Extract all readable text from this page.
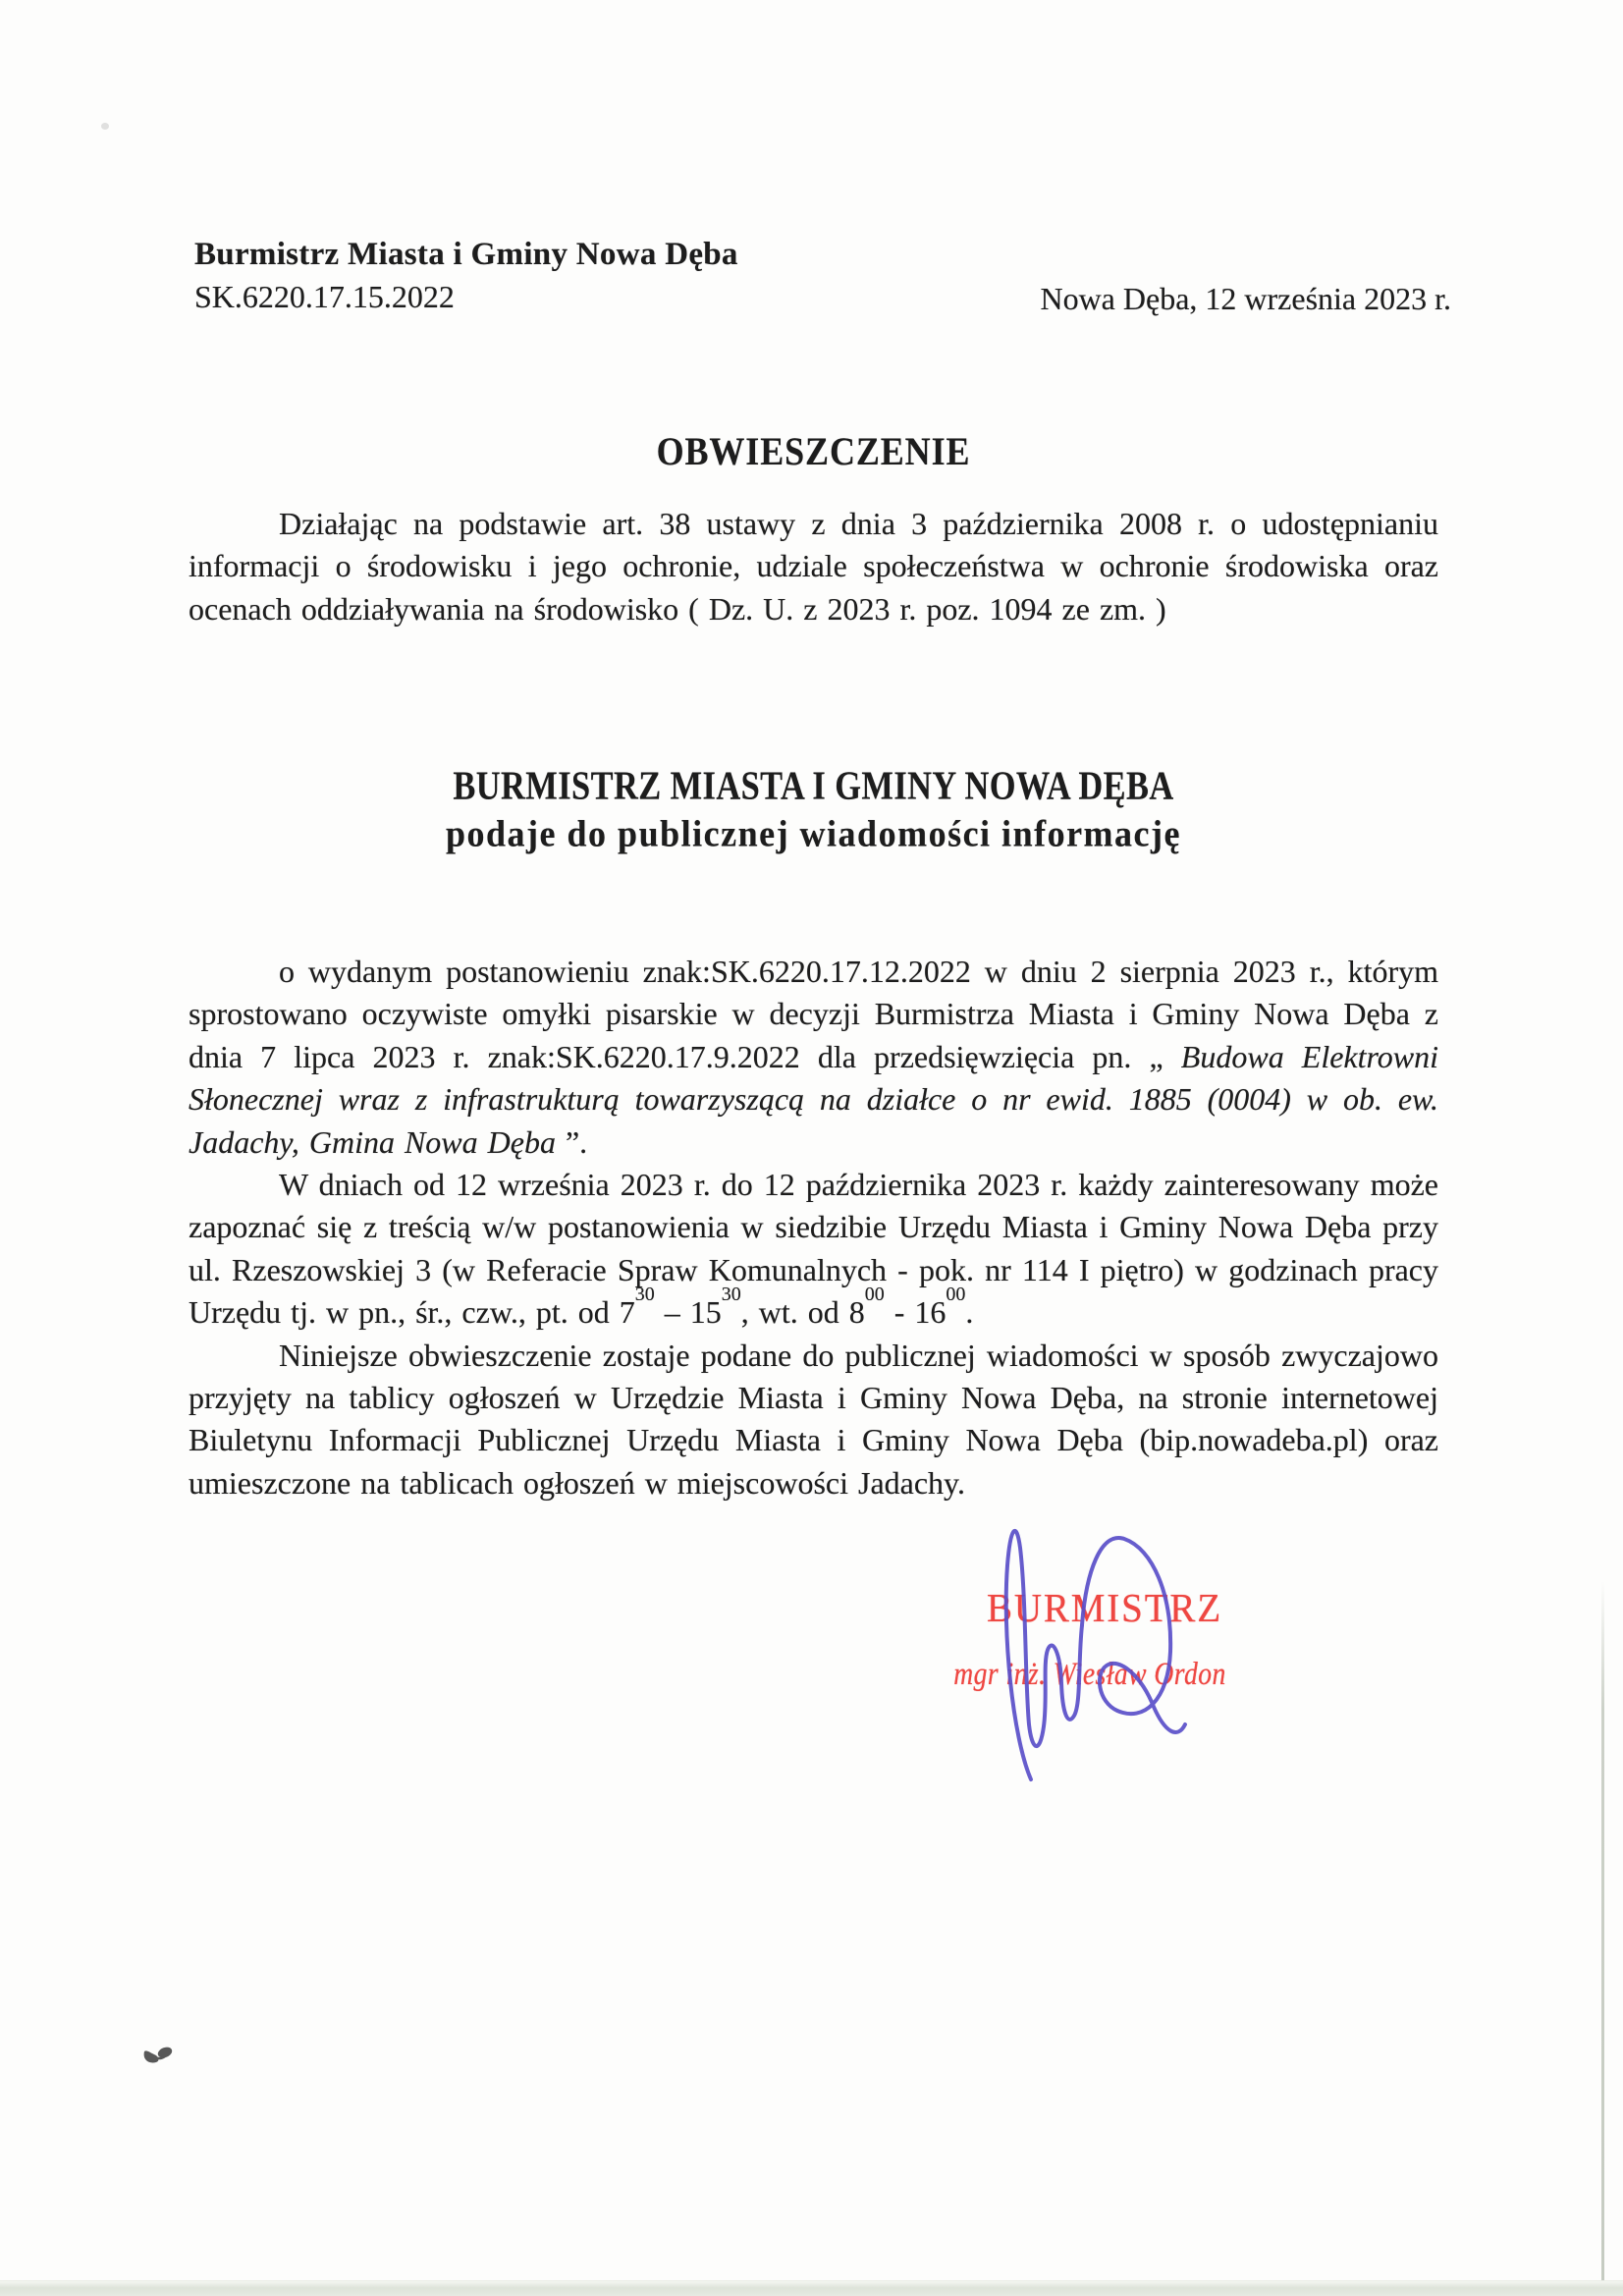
Burmistrz Miasta i Gminy Nowa Dęba
SK.6220.17.15.2022	Nowa Dęba, 12 września 2023 r.
OBWIESZCZENIE
Działając na podstawie art. 38 ustawy z dnia 3 października 2008 r. o udostępnianiu informacji o środowisku i jego ochronie, udziale społeczeństwa w ochronie środowiska oraz ocenach oddziaływania na środowisko ( Dz. U. z 2023 r. poz. 1094 ze zm. )
BURMISTRZ MIASTA I GMINY NOWA DĘBA
podaje do publicznej wiadomości informację

o wydanym postanowieniu znak:SK.6220.17.12.2022 w dniu 2 sierpnia 2023 r., którym sprostowano oczywiste omyłki pisarskie w decyzji Burmistrza Miasta i Gminy Nowa Dęba z dnia 7 lipca 2023 r. znak:SK.6220.17.9.2022 dla przedsięwzięcia pn. „ Budowa Elektrowni Słonecznej wraz z infrastrukturą towarzyszącą na działce o nr ewid. 1885 (0004) w ob. ew. Jadachy, Gmina Nowa Dęba ”.

W dniach od 12 września 2023 r. do 12 października 2023 r. każdy zainteresowany może zapoznać się z treścią w/w postanowienia w siedzibie Urzędu Miasta i Gminy Nowa Dęba przy ul. Rzeszowskiej 3 (w Referacie Spraw Komunalnych - pok. nr 114 I piętro) w godzinach pracy Urzędu tj. w pn., śr., czw., pt. od $7^{30} - 15^{30}$, wt. od $8^{00} - 16^{00}$.

Niniejsze obwieszczenie zostaje podane do publicznej wiadomości w sposób zwyczajowo przyjęty na tablicy ogłoszeń w Urzędzie Miasta i Gminy Nowa Dęba, na stronie internetowej Biuletynu Informacji Publicznej Urzędu Miasta i Gminy Nowa Dęba (bip.nowadeba.pl) oraz umieszczone na tablicach ogłoszeń w miejscowości Jadachy.

BURMISTRZ
mgr inż. Wiesław Ordon
